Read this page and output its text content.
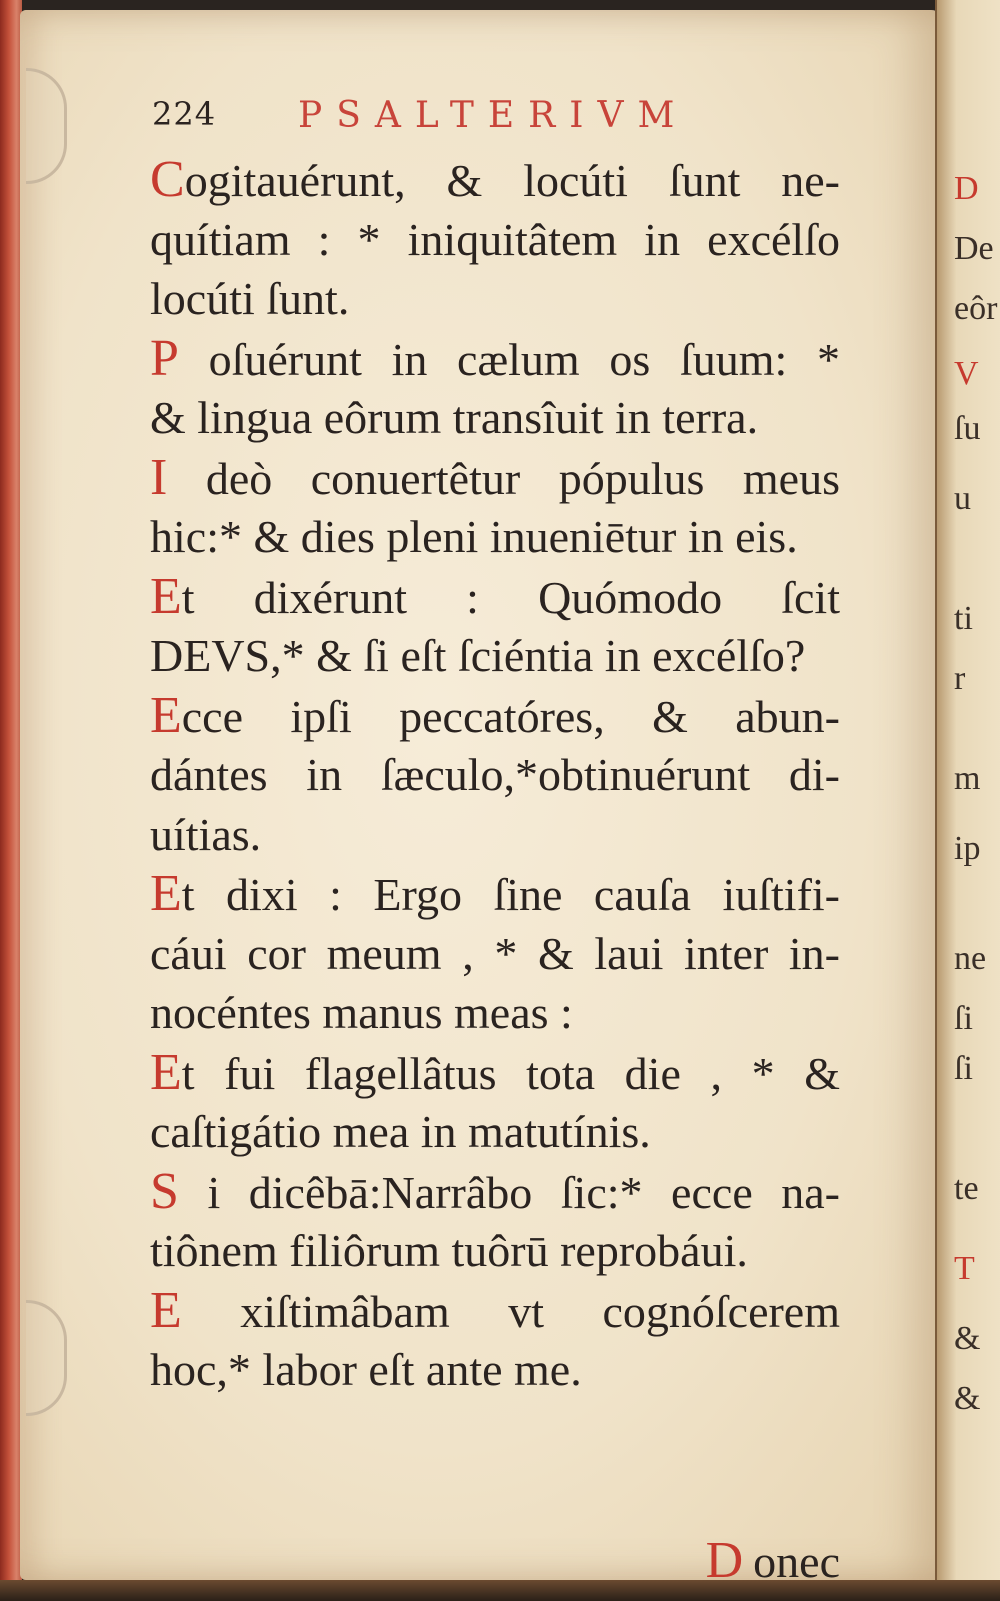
224 PSALTERIVM
Cogitauérunt, & locúti ſunt ne-
quítiam : * iniquitâtem in excélſo
locúti ſunt.
P oſuérunt in cælum os ſuum: *
& lingua eôrum transîuit in terra.
I deò conuertêtur pópulus meus
hic:* & dies pleni inueniētur in eis.
Et dixérunt : Quómodo ſcit
DEVS,* & ſi eſt ſciéntia in excélſo?
Ecce ipſi peccatóres, & abun-
dántes in ſæculo,*obtinuérunt di-
uítias.
Et dixi : Ergo ſine cauſa iuſtifi-
cáui cor meum , * & laui inter in-
nocéntes manus meas :
Et fui flagellâtus tota die , * &
caſtigátio mea in matutínis.
S i dicêbā:Narrâbo ſic:* ecce na-
tiônem filiôrum tuôrū reprobáui.
E xiſtimâbam vt cognóſcerem
hoc,* labor eſt ante me.
D onec
D
De
eôr
V
ſu
u
ti
r
m
ip
ne
ſi
ſi
te
T
&
&
